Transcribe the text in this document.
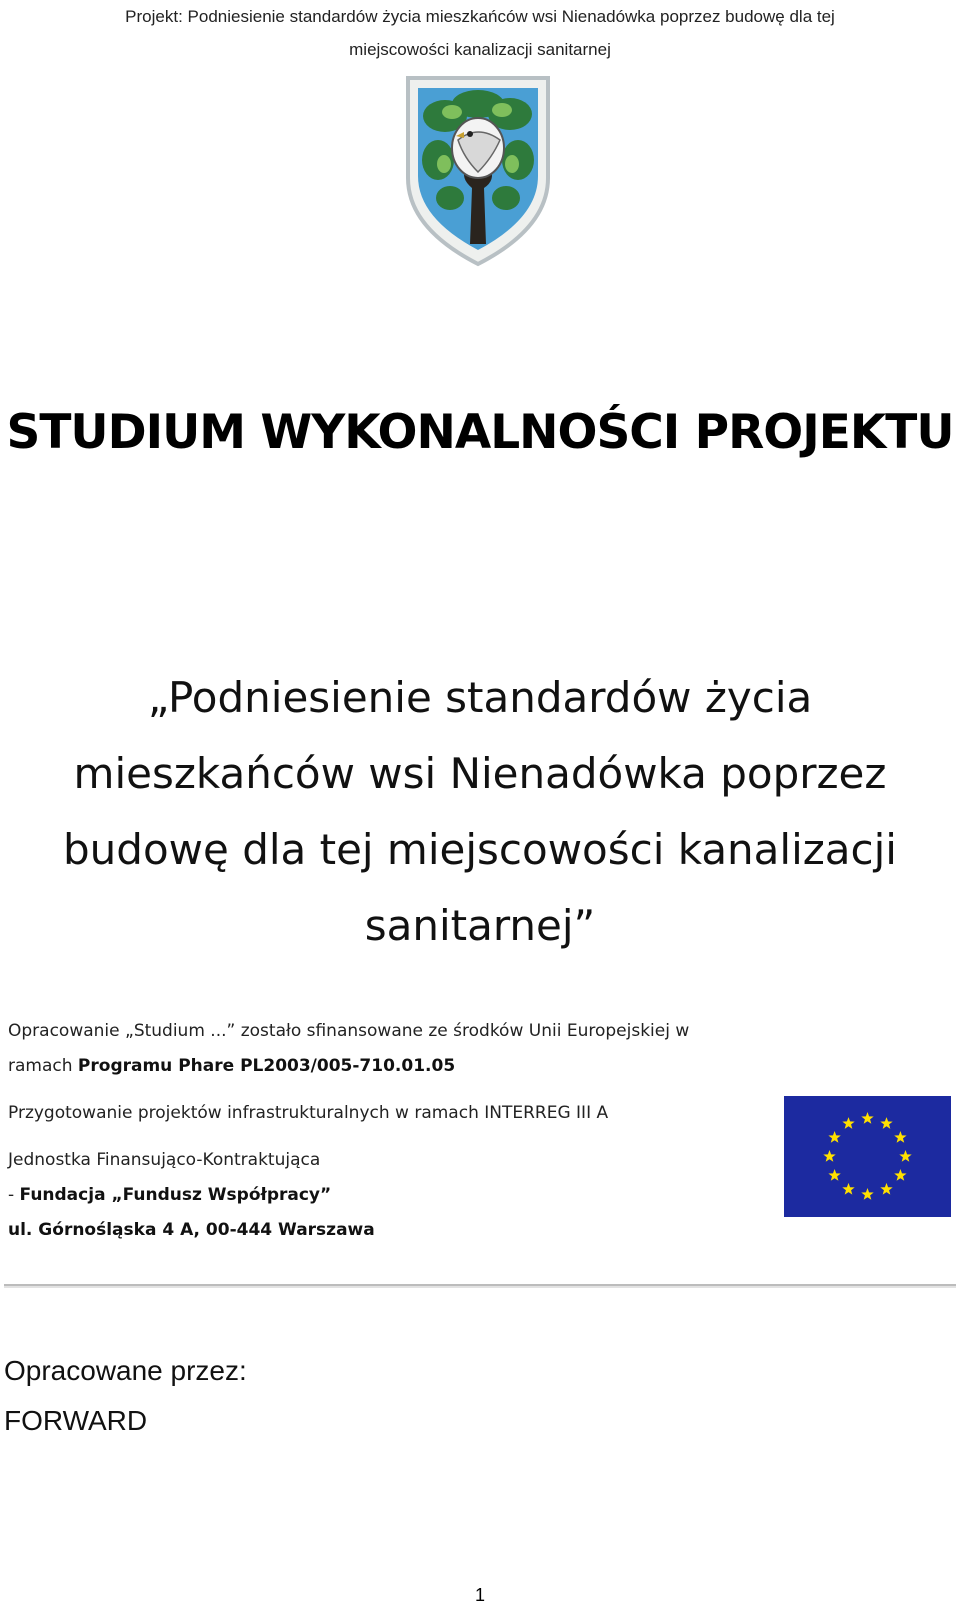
Projekt: Podniesienie standardów życia mieszkańców wsi Nienadówka poprzez budowę dla tej
miejscowości kanalizacji sanitarnej
STUDIUM WYKONALNOŚCI PROJEKTU
„Podniesienie standardów życia
mieszkańców wsi Nienadówka poprzez
budowę dla tej miejscowości kanalizacji
sanitarnej”

Opracowanie „Studium ...” zostało sfinansowane ze środków Unii Europejskiej w

ramach Programu Phare PL2003/005-710.01.05

Przygotowanie projektów infrastrukturalnych w ramach INTERREG III A

Jednostka Finansująco-Kontraktująca

- Fundacja „Fundusz Współpracy”

ul. Górnośląska 4 A, 00-444 Warszawa

Opracowane przez:
FORWARD
1
